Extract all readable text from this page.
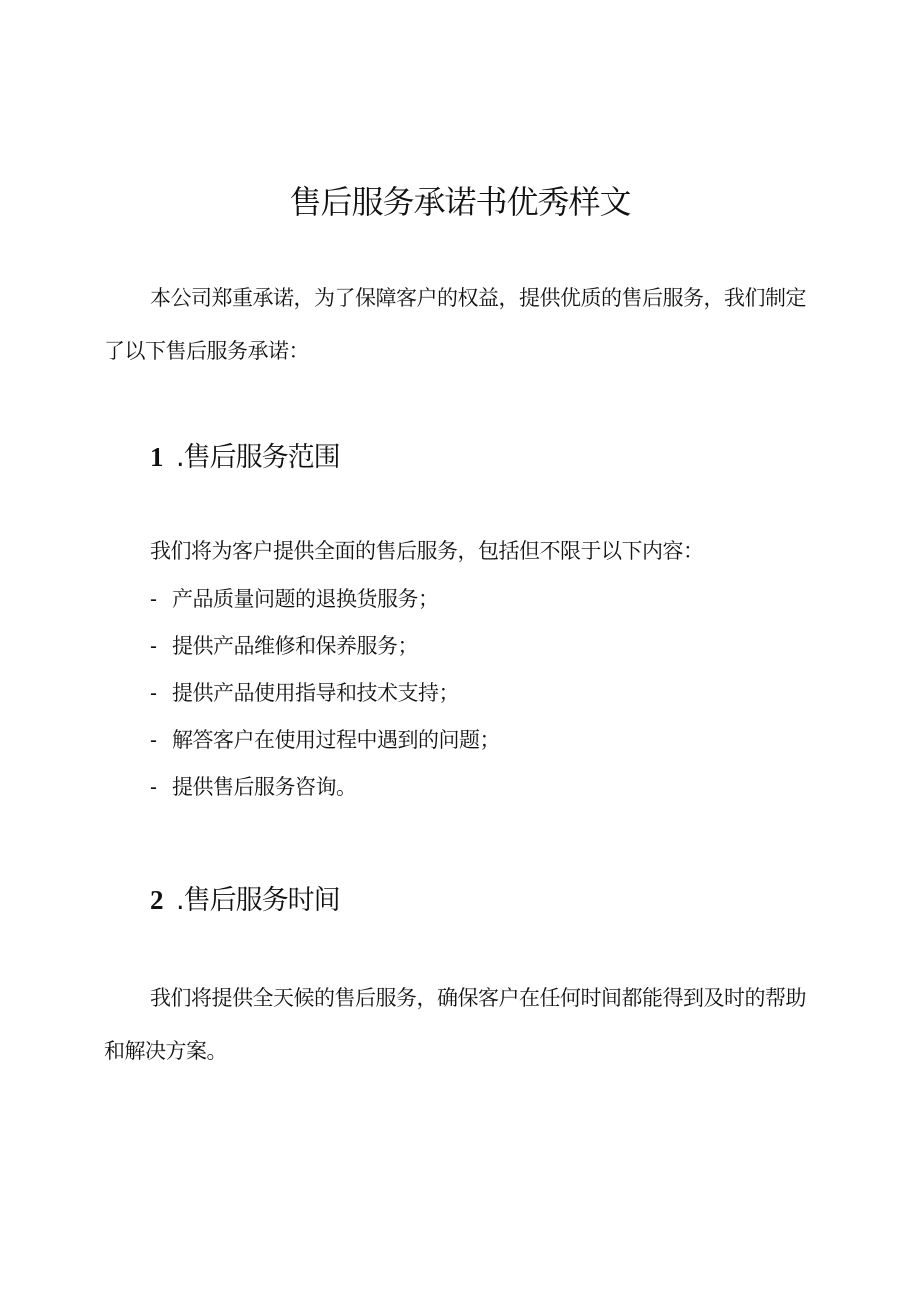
售后服务承诺书优秀样文

本公司郑重承诺，为了保障客户的权益，提供优质的售后服务，我们制定了以下售后服务承诺：

1 .售后服务范围

我们将为客户提供全面的售后服务，包括但不限于以下内容：

- 产品质量问题的退换货服务；
- 提供产品维修和保养服务；
- 提供产品使用指导和技术支持；
- 解答客户在使用过程中遇到的问题；
- 提供售后服务咨询。
2 .售后服务时间

我们将提供全天候的售后服务，确保客户在任何时间都能得到及时的帮助和解决方案。
